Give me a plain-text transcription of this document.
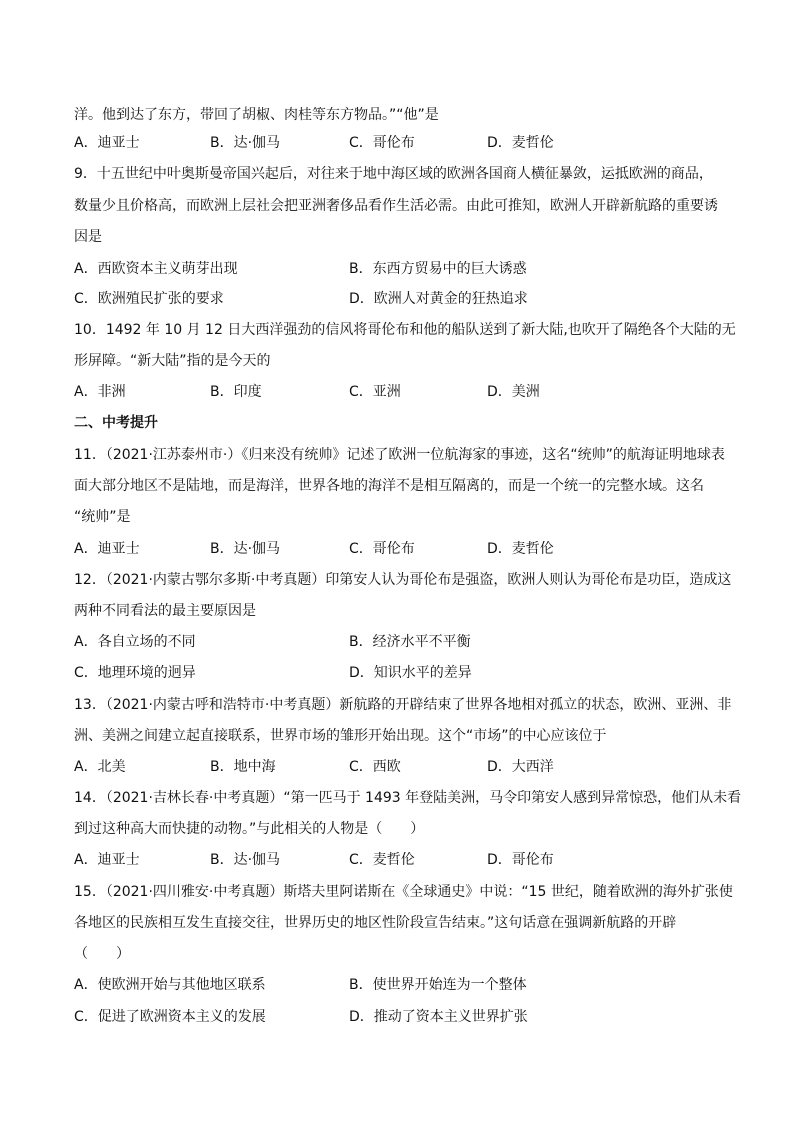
洋。他到达了东方，带回了胡椒、肉桂等东方物品。”“他”是
A．迪亚士	B．达·伽马	C．哥伦布	D．麦哲伦
9．十五世纪中叶奥斯曼帝国兴起后，对往来于地中海区域的欧洲各国商人横征暴敛，运抵欧洲的商品，
数量少且价格高，而欧洲上层社会把亚洲奢侈品看作生活必需。由此可推知，欧洲人开辟新航路的重要诱
因是
A．西欧资本主义萌芽出现	B．东西方贸易中的巨大诱惑
C．欧洲殖民扩张的要求	D．欧洲人对黄金的狂热追求
10．1492 年 10 月 12 日大西洋强劲的信风将哥伦布和他的船队送到了新大陆,也吹开了隔绝各个大陆的无
形屏障。“新大陆”指的是今天的
A．非洲	B．印度	C．亚洲	D．美洲
二、中考提升
11．（2021·江苏泰州市·）《归来没有统帅》记述了欧洲一位航海家的事迹，这名“统帅”的航海证明地球表
面大部分地区不是陆地，而是海洋，世界各地的海洋不是相互隔离的，而是一个统一的完整水域。这名
“统帅”是
A．迪亚士	B．达·伽马	C．哥伦布	D．麦哲伦
12．（2021·内蒙古鄂尔多斯·中考真题）印第安人认为哥伦布是强盗，欧洲人则认为哥伦布是功臣，造成这
两种不同看法的最主要原因是
A．各自立场的不同	B．经济水平不平衡
C．地理环境的迥异	D．知识水平的差异
13．（2021·内蒙古呼和浩特市·中考真题）新航路的开辟结束了世界各地相对孤立的状态，欧洲、亚洲、非
洲、美洲之间建立起直接联系，世界市场的雏形开始出现。这个“市场”的中心应该位于
A．北美	B．地中海	C．西欧	D．大西洋
14．（2021·吉林长春·中考真题）“第一匹马于 1493 年登陆美洲，马令印第安人感到异常惊恐，他们从未看
到过这种高大而快捷的动物。”与此相关的人物是（　　）
A．迪亚士	B．达·伽马	C．麦哲伦	D．哥伦布
15．（2021·四川雅安·中考真题）斯塔夫里阿诺斯在《全球通史》中说：“15 世纪，随着欧洲的海外扩张使
各地区的民族相互发生直接交往，世界历史的地区性阶段宣告结束。”这句话意在强调新航路的开辟
（　　）
A．使欧洲开始与其他地区联系	B．使世界开始连为一个整体
C．促进了欧洲资本主义的发展	D．推动了资本主义世界扩张
